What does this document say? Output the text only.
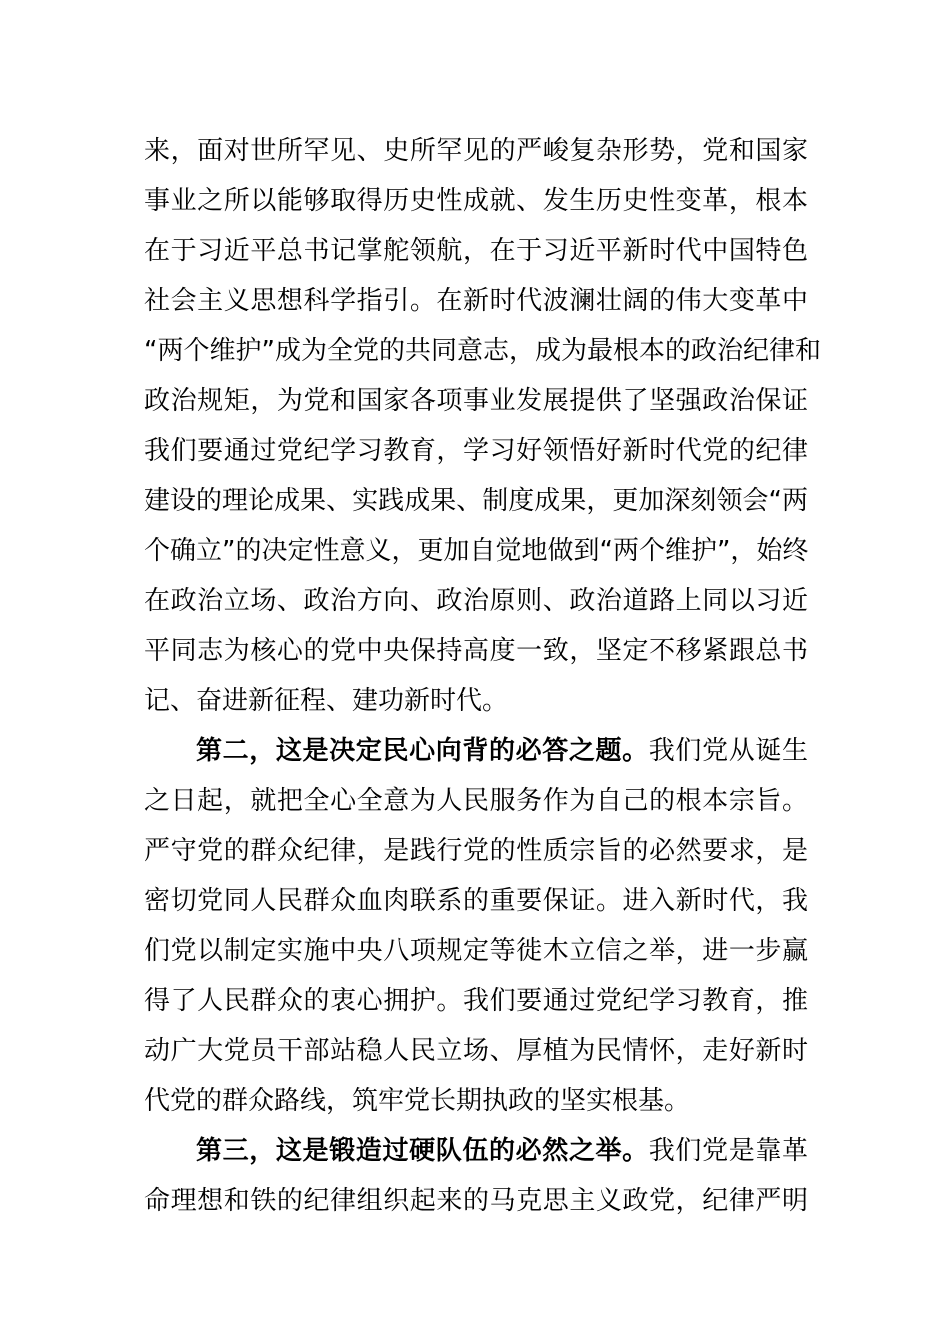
来，面对世所罕见、史所罕见的严峻复杂形势，党和国家
事业之所以能够取得历史性成就、发生历史性变革，根本
在于习近平总书记掌舵领航，在于习近平新时代中国特色
社会主义思想科学指引。在新时代波澜壮阔的伟大变革中
“两个维护”成为全党的共同意志，成为最根本的政治纪律和
政治规矩，为党和国家各项事业发展提供了坚强政治保证
我们要通过党纪学习教育，学习好领悟好新时代党的纪律
建设的理论成果、实践成果、制度成果，更加深刻领会“两
个确立”的决定性意义，更加自觉地做到“两个维护”，始终
在政治立场、政治方向、政治原则、政治道路上同以习近
平同志为核心的党中央保持高度一致，坚定不移紧跟总书
记、奋进新征程、建功新时代。
第二，这是决定民心向背的必答之题。我们党从诞生
之日起，就把全心全意为人民服务作为自己的根本宗旨。
严守党的群众纪律，是践行党的性质宗旨的必然要求，是
密切党同人民群众血肉联系的重要保证。进入新时代，我
们党以制定实施中央八项规定等徙木立信之举，进一步赢
得了人民群众的衷心拥护。我们要通过党纪学习教育，推
动广大党员干部站稳人民立场、厚植为民情怀，走好新时
代党的群众路线，筑牢党长期执政的坚实根基。
第三，这是锻造过硬队伍的必然之举。我们党是靠革
命理想和铁的纪律组织起来的马克思主义政党，纪律严明
